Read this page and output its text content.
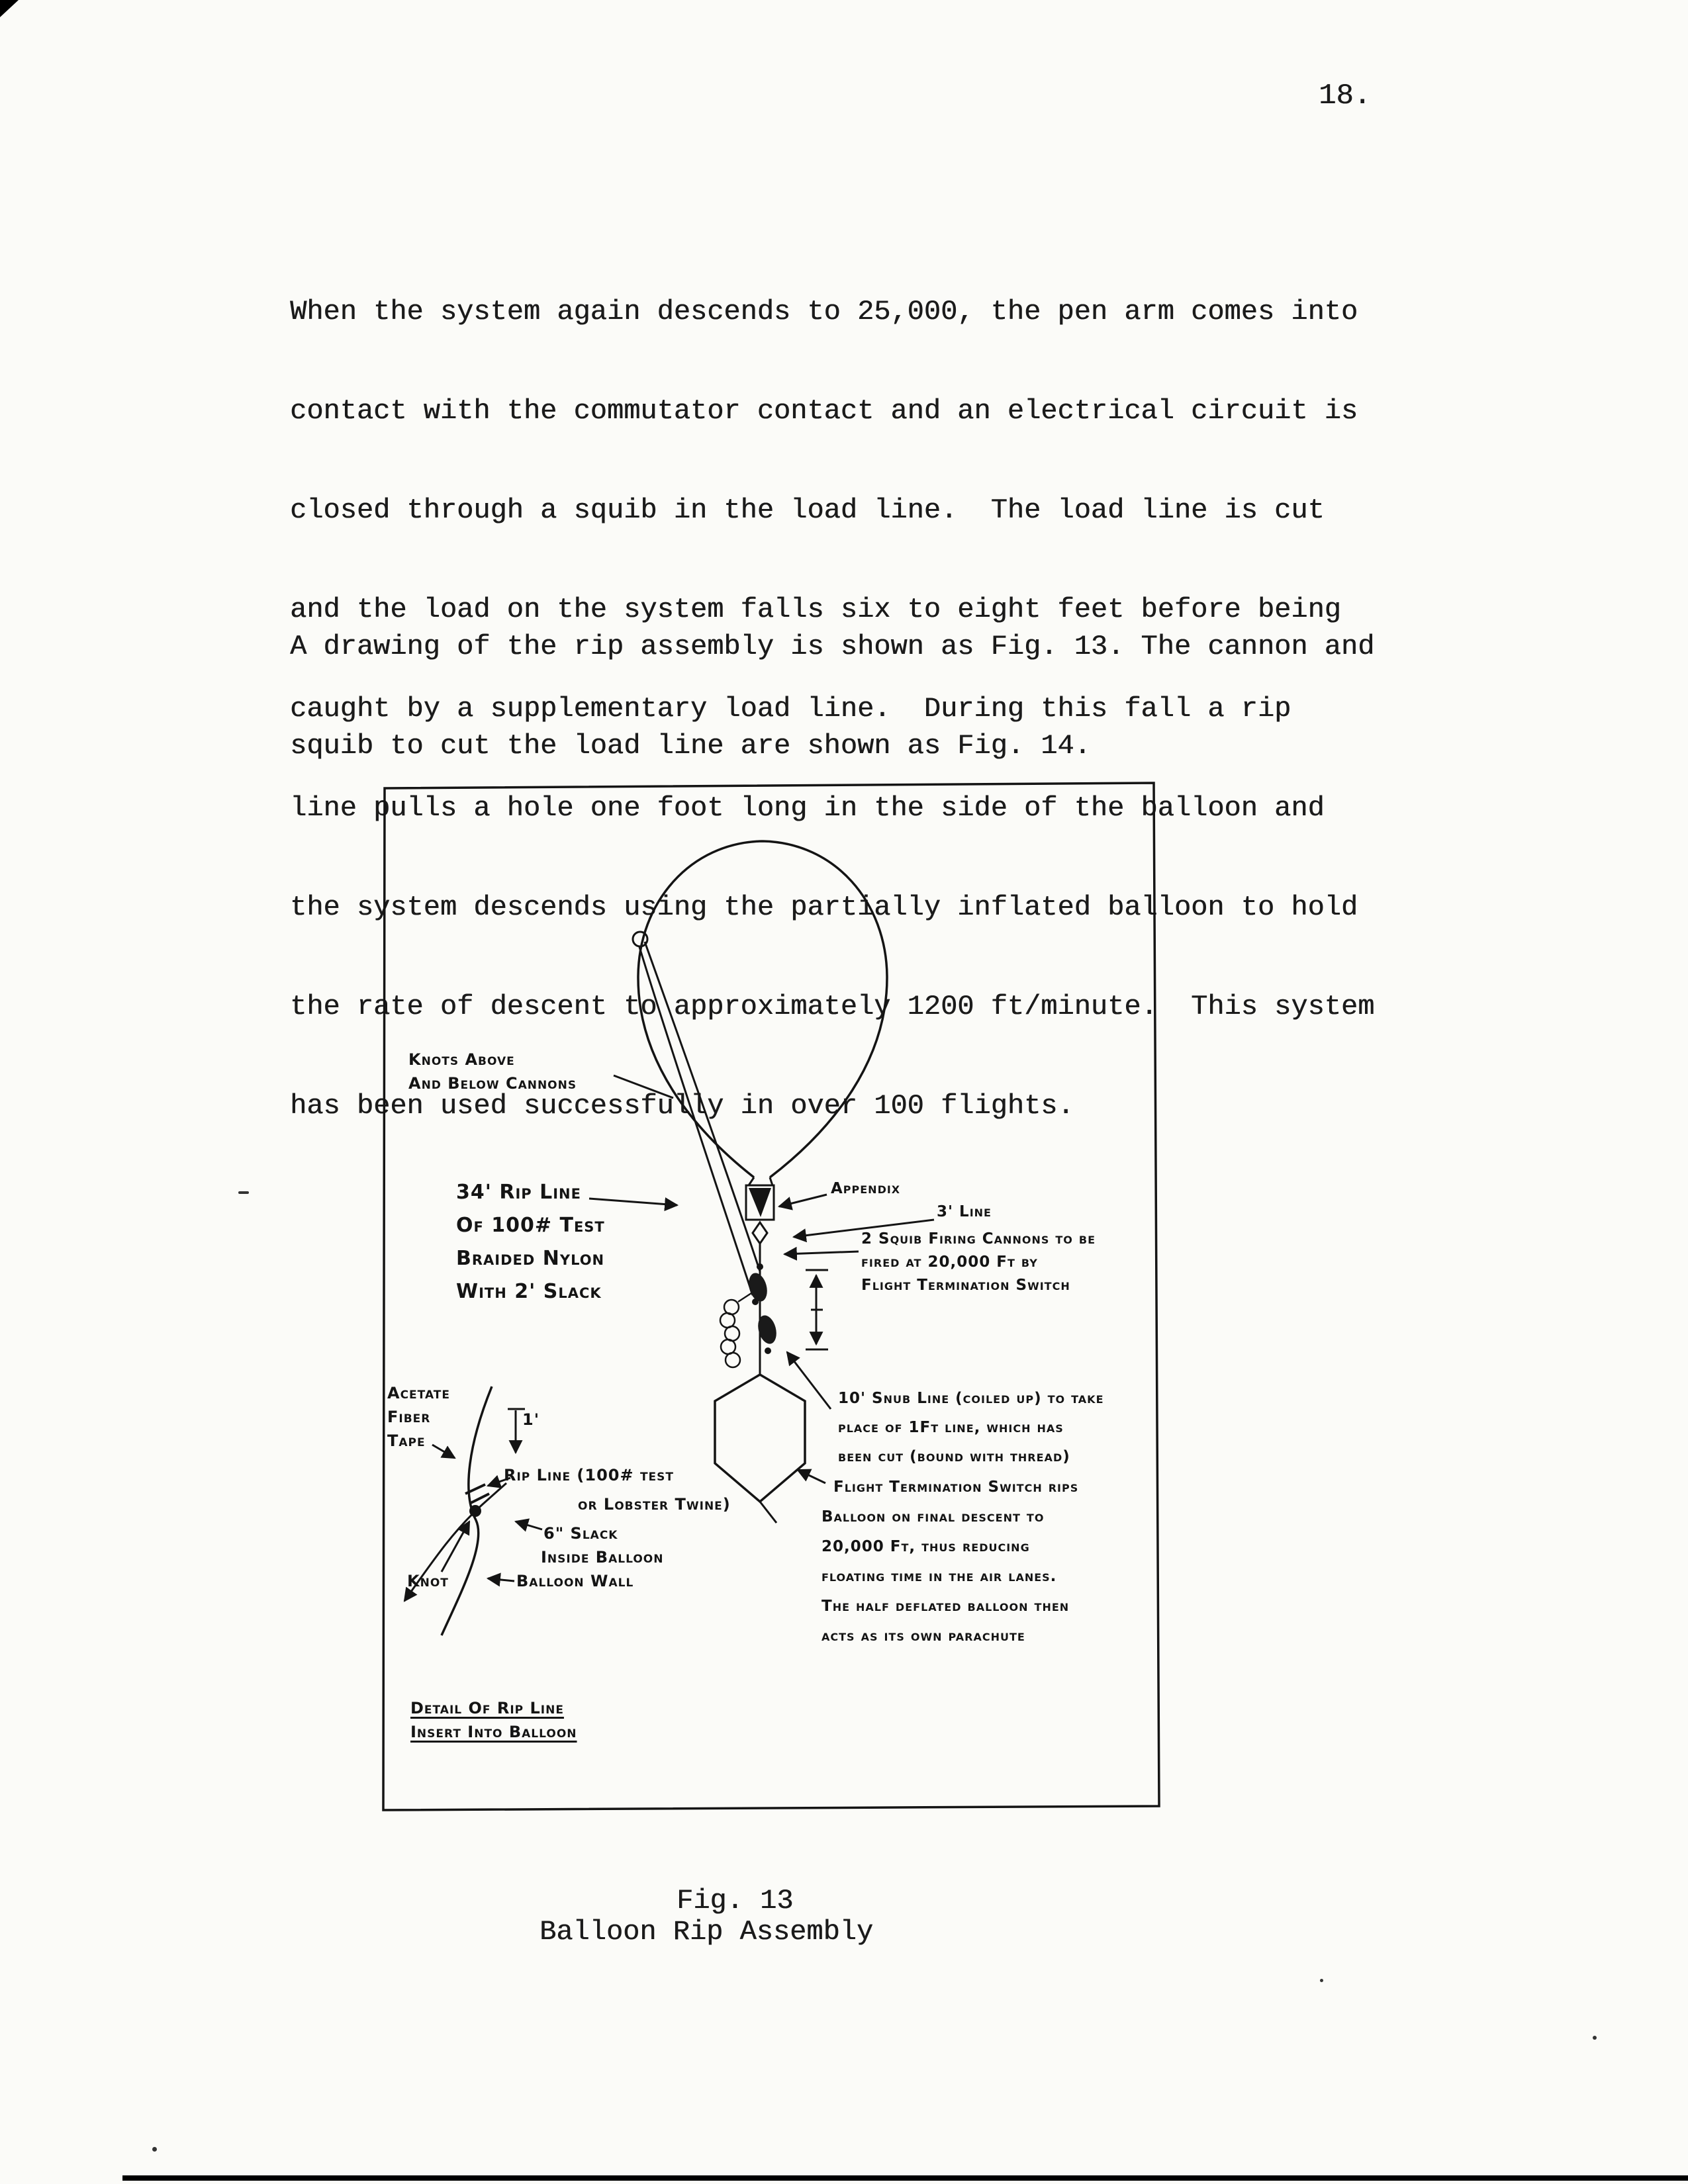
18.

When the system again descends to 25,000, the pen arm comes into

contact with the commutator contact and an electrical circuit is

closed through a squib in the load line.  The load line is cut

and the load on the system falls six to eight feet before being

caught by a supplementary load line.  During this fall a rip

line pulls a hole one foot long in the side of the balloon and

the system descends using the partially inflated balloon to hold

the rate of descent to approximately 1200 ft/minute.  This system

has been used successfully in over 100 flights.

A drawing of the rip assembly is shown as Fig. 13. The cannon and

squib to cut the load line are shown as Fig. 14.

Knots Above
And Below Cannons
34' Rip Line
Of 100# Test
Braided Nylon
With 2' Slack
Appendix
3' Line
2 Squib Firing Cannons to be
fired at 20,000 Ft by
Flight Termination Switch
10' Snub Line (coiled up) to take
place of 1Ft line, which has
been cut (bound with thread)
Flight Termination Switch rips
Balloon on final descent to
20,000 Ft, thus reducing
floating time in the air lanes.
The half deflated balloon then
acts as its own parachute
Acetate
Fiber
Tape
1'
Rip Line (100# test
or Lobster Twine)
6" Slack
Inside Balloon
Knot	Balloon Wall
Detail Of Rip Line
Insert Into Balloon
Fig. 13
Balloon Rip Assembly
